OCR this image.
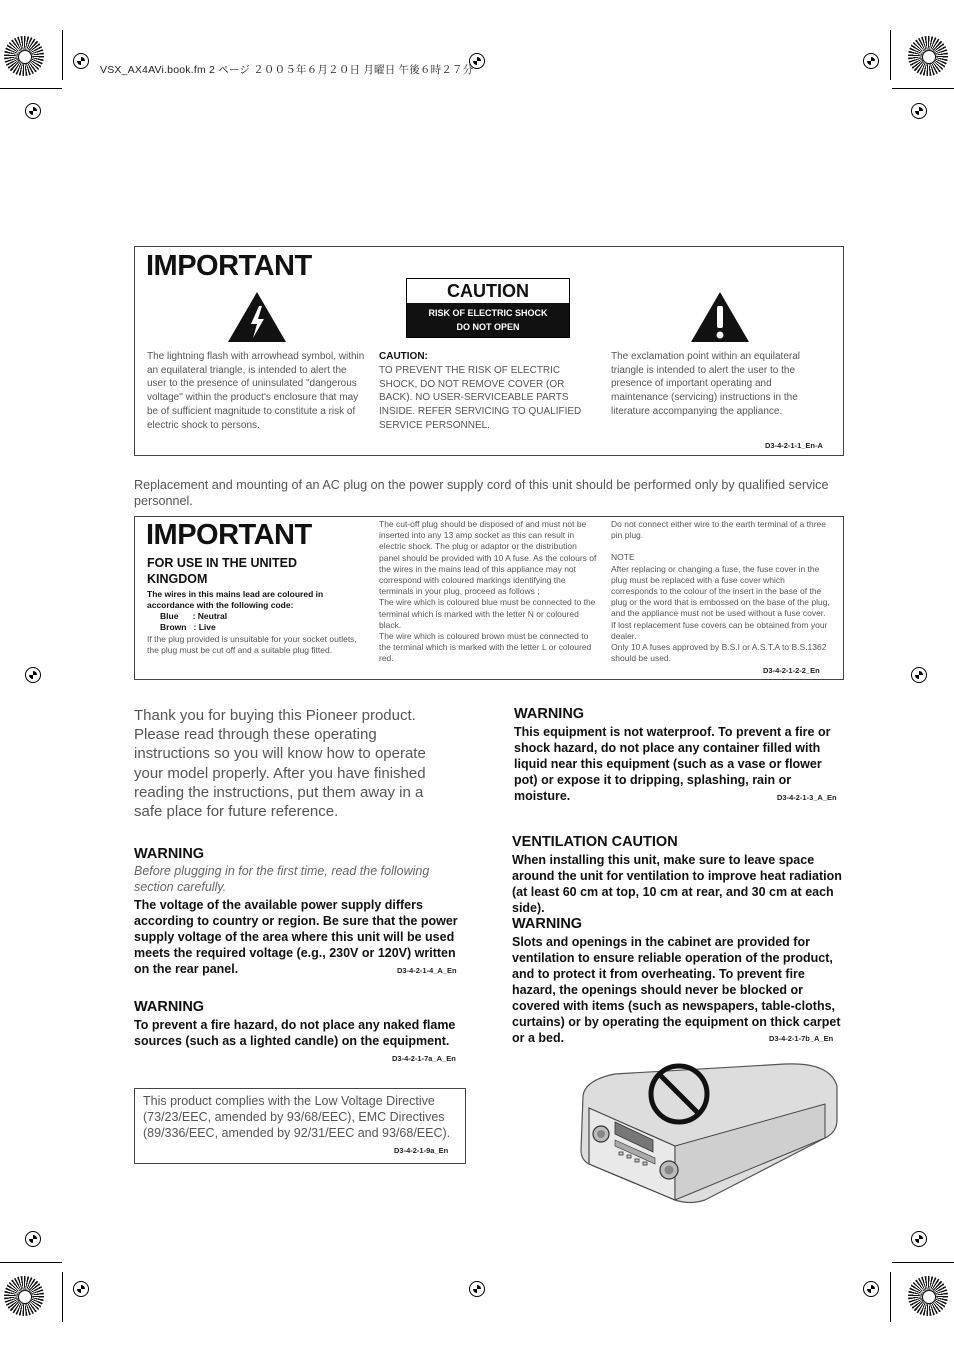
VSX_AX4AVi.book.fm 2 ページ ２００５年６月２０日 月曜日 午後６時２７分
IMPORTANT
CAUTION
RISK OF ELECTRIC SHOCK
DO NOT OPEN
The lightning flash with arrowhead symbol, within an equilateral triangle, is intended to alert the user to the presence of uninsulated "dangerous voltage" within the product's enclosure that may be of sufficient magnitude to constitute a risk of electric shock to persons.
CAUTION:
TO PREVENT THE RISK OF ELECTRIC SHOCK, DO NOT REMOVE COVER (OR BACK). NO USER-SERVICEABLE PARTS INSIDE. REFER SERVICING TO QUALIFIED SERVICE PERSONNEL.
The exclamation point within an equilateral triangle is intended to alert the user to the presence of important operating and maintenance (servicing) instructions in the literature accompanying the appliance.
D3-4-2-1-1_En-A
Replacement and mounting of an AC plug on the power supply cord of this unit should be performed only by qualified service personnel.
IMPORTANT
FOR USE IN THE UNITED KINGDOM
The wires in this mains lead are coloured in accordance with the following code:
Blue      : Neutral
Brown   : Live
If the plug provided is unsuitable for your socket outlets, the plug must be cut off and a suitable plug fitted.
The cut-off plug should be disposed of and must not be inserted into any 13 amp socket as this can result in electric shock. The plug or adaptor or the distribution panel should be provided with 10 A fuse. As the colours of the wires in the mains lead of this appliance may not correspond with coloured markings identifying the terminals in your plug, proceed as follows ;
The wire which is coloured blue must be connected to the terminal which is marked with the letter N or coloured black.
The wire which is coloured brown must be connected to the terminal which is marked with the letter L or coloured red.
Do not connect either wire to the earth terminal of a three pin plug.
NOTE
After replacing or changing a fuse, the fuse cover in the plug must be replaced with a fuse cover which corresponds to the colour of the insert in the base of the plug or the word that is embossed on the base of the plug, and the appliance must not be used without a fuse cover. If lost replacement fuse covers can be obtained from your dealer.
Only 10 A fuses approved by B.S.I or A.S.T.A to B.S.1362 should be used.
D3-4-2-1-2-2_En
Thank you for buying this Pioneer product. Please read through these operating instructions so you will know how to operate your model properly. After you have finished reading the instructions, put them away in a safe place for future reference.
WARNING
Before plugging in for the first time, read the following section carefully.
The voltage of the available power supply differs according to country or region. Be sure that the power supply voltage of the area where this unit will be used meets the required voltage (e.g., 230V or 120V) written on the rear panel.	D3-4-2-1-4_A_En
WARNING
To prevent a fire hazard, do not place any naked flame sources (such as a lighted candle) on the equipment.
D3-4-2-1-7a_A_En
This product complies with the Low Voltage Directive (73/23/EEC, amended by 93/68/EEC), EMC Directives (89/336/EEC, amended by 92/31/EEC and 93/68/EEC).
D3-4-2-1-9a_En
WARNING
This equipment is not waterproof. To prevent a fire or shock hazard, do not place any container filled with liquid near this equipment (such as a vase or flower pot) or expose it to dripping, splashing, rain or moisture.	D3-4-2-1-3_A_En
VENTILATION CAUTION
When installing this unit, make sure to leave space around the unit for ventilation to improve heat radiation (at least 60 cm at top, 10 cm at rear, and 30 cm at each side).
WARNING
Slots and openings in the cabinet are provided for ventilation to ensure reliable operation of the product, and to protect it from overheating. To prevent fire hazard, the openings should never be blocked or covered with items (such as newspapers, table-cloths, curtains) or by operating the equipment on thick carpet or a bed.	D3-4-2-1-7b_A_En
